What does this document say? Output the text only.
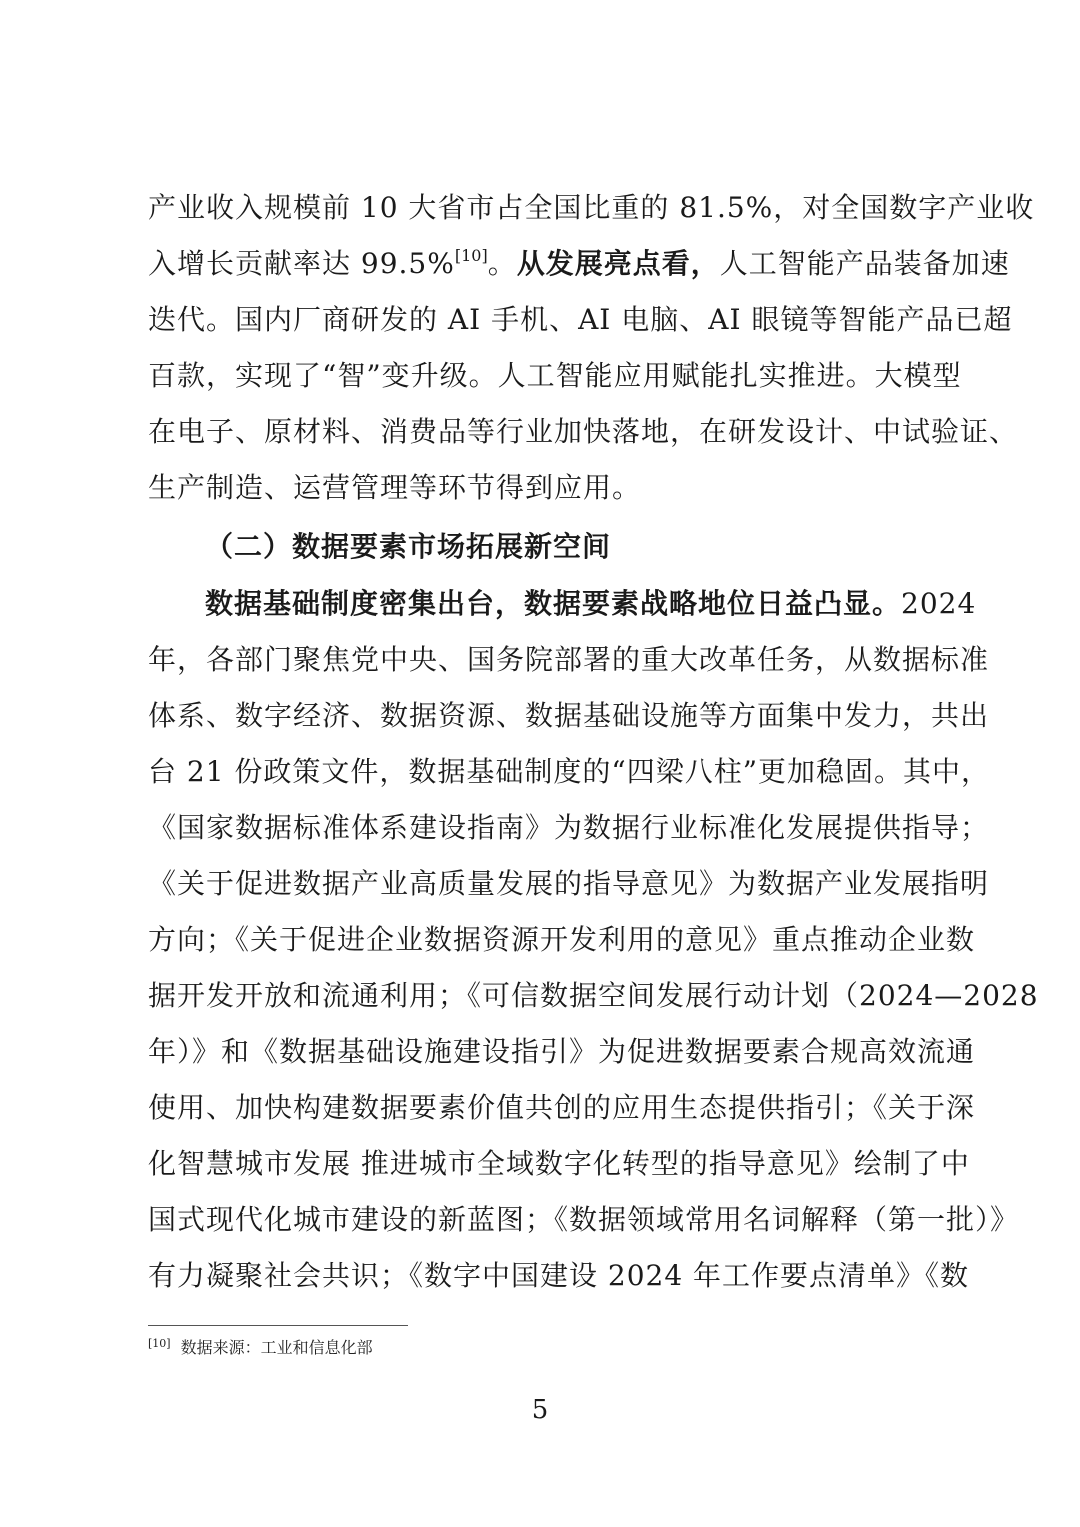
产业收入规模前 10 大省市占全国比重的 81.5%，对全国数字产业收
入增长贡献率达 99.5%[10]。从发展亮点看，人工智能产品装备加速
迭代。国内厂商研发的 AI 手机、AI 电脑、AI 眼镜等智能产品已超
百款，实现了“智”变升级。人工智能应用赋能扎实推进。大模型
在电子、原材料、消费品等行业加快落地，在研发设计、中试验证、
生产制造、运营管理等环节得到应用。
（二）数据要素市场拓展新空间
数据基础制度密集出台，数据要素战略地位日益凸显。2024
年，各部门聚焦党中央、国务院部署的重大改革任务，从数据标准
体系、数字经济、数据资源、数据基础设施等方面集中发力，共出
台 21 份政策文件，数据基础制度的“四梁八柱”更加稳固。其中，
《国家数据标准体系建设指南》为数据行业标准化发展提供指导；
《关于促进数据产业高质量发展的指导意见》为数据产业发展指明
方向；《关于促进企业数据资源开发利用的意见》重点推动企业数
据开发开放和流通利用；《可信数据空间发展行动计划（2024—2028
年）》和《数据基础设施建设指引》为促进数据要素合规高效流通
使用、加快构建数据要素价值共创的应用生态提供指引；《关于深
化智慧城市发展 推进城市全域数字化转型的指导意见》绘制了中
国式现代化城市建设的新蓝图；《数据领域常用名词解释（第一批）》
有力凝聚社会共识；《数字中国建设 2024 年工作要点清单》《数
[10] 数据来源：工业和信息化部
5
